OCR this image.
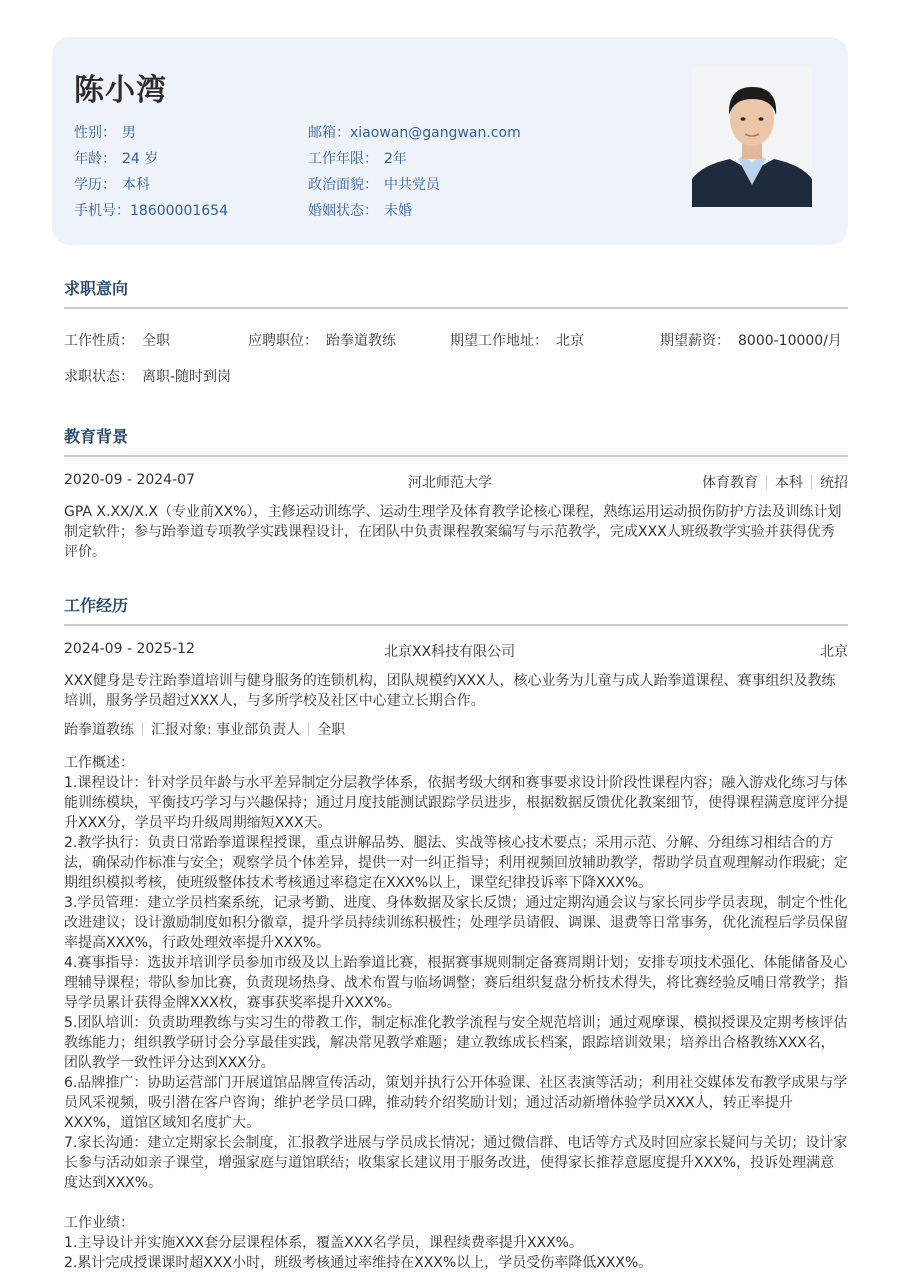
陈小湾
性别： 男
年龄： 24 岁
学历： 本科
手机号：18600001654
邮箱：xiaowan@gangwan.com
工作年限： 2年
政治面貌： 中共党员
婚姻状态： 未婚
求职意向
工作性质： 全职	应聘职位： 跆拳道教练	期望工作地址： 北京	期望薪资： 8000-10000/月
求职状态： 离职-随时到岗
教育背景
2020-09 - 2024-07	河北师范大学	体育教育 本科 统招
GPA X.XX/X.X（专业前XX%），主修运动训练学、运动生理学及体育教学论核心课程，熟练运用运动损伤防护方法及训练计划制定软件；参与跆拳道专项教学实践课程设计，在团队中负责课程教案编写与示范教学，完成XXX人班级教学实验并获得优秀评价。
工作经历
2024-09 - 2025-12	北京XX科技有限公司	北京
XXX健身是专注跆拳道培训与健身服务的连锁机构，团队规模约XXX人，核心业务为儿童与成人跆拳道课程、赛事组织及教练培训，服务学员超过XXX人，与多所学校及社区中心建立长期合作。
跆拳道教练 汇报对象: 事业部负责人 全职
工作概述：
1.课程设计：针对学员年龄与水平差异制定分层教学体系，依据考级大纲和赛事要求设计阶段性课程内容；融入游戏化练习与体能训练模块，平衡技巧学习与兴趣保持；通过月度技能测试跟踪学员进步，根据数据反馈优化教案细节，使得课程满意度评分提升XXX分，学员平均升级周期缩短XXX天。
2.教学执行：负责日常跆拳道课程授课，重点讲解品势、腿法、实战等核心技术要点；采用示范、分解、分组练习相结合的方法，确保动作标准与安全；观察学员个体差异，提供一对一纠正指导；利用视频回放辅助教学，帮助学员直观理解动作瑕疵；定期组织模拟考核，使班级整体技术考核通过率稳定在XXX%以上，课堂纪律投诉率下降XXX%。
3.学员管理：建立学员档案系统，记录考勤、进度、身体数据及家长反馈；通过定期沟通会议与家长同步学员表现，制定个性化改进建议；设计激励制度如积分徽章，提升学员持续训练积极性；处理学员请假、调课、退费等日常事务，优化流程后学员保留率提高XXX%，行政处理效率提升XXX%。
4.赛事指导：选拔并培训学员参加市级及以上跆拳道比赛，根据赛事规则制定备赛周期计划；安排专项技术强化、体能储备及心理辅导课程；带队参加比赛，负责现场热身、战术布置与临场调整；赛后组织复盘分析技术得失，将比赛经验反哺日常教学；指导学员累计获得金牌XXX枚，赛事获奖率提升XXX%。
5.团队培训：负责助理教练与实习生的带教工作，制定标准化教学流程与安全规范培训；通过观摩课、模拟授课及定期考核评估教练能力；组织教学研讨会分享最佳实践，解决常见教学难题；建立教练成长档案，跟踪培训效果；培养出合格教练XXX名，团队教学一致性评分达到XXX分。
6.品牌推广：协助运营部门开展道馆品牌宣传活动，策划并执行公开体验课、社区表演等活动；利用社交媒体发布教学成果与学员风采视频，吸引潜在客户咨询；维护老学员口碑，推动转介绍奖励计划；通过活动新增体验学员XXX人，转正率提升XXX%，道馆区域知名度扩大。
7.家长沟通：建立定期家长会制度，汇报教学进展与学员成长情况；通过微信群、电话等方式及时回应家长疑问与关切；设计家长参与活动如亲子课堂，增强家庭与道馆联结；收集家长建议用于服务改进，使得家长推荐意愿度提升XXX%，投诉处理满意度达到XXX%。
工作业绩：
1.主导设计并实施XXX套分层课程体系，覆盖XXX名学员，课程续费率提升XXX%。
2.累计完成授课课时超XXX小时，班级考核通过率维持在XXX%以上，学员受伤率降低XXX%。
